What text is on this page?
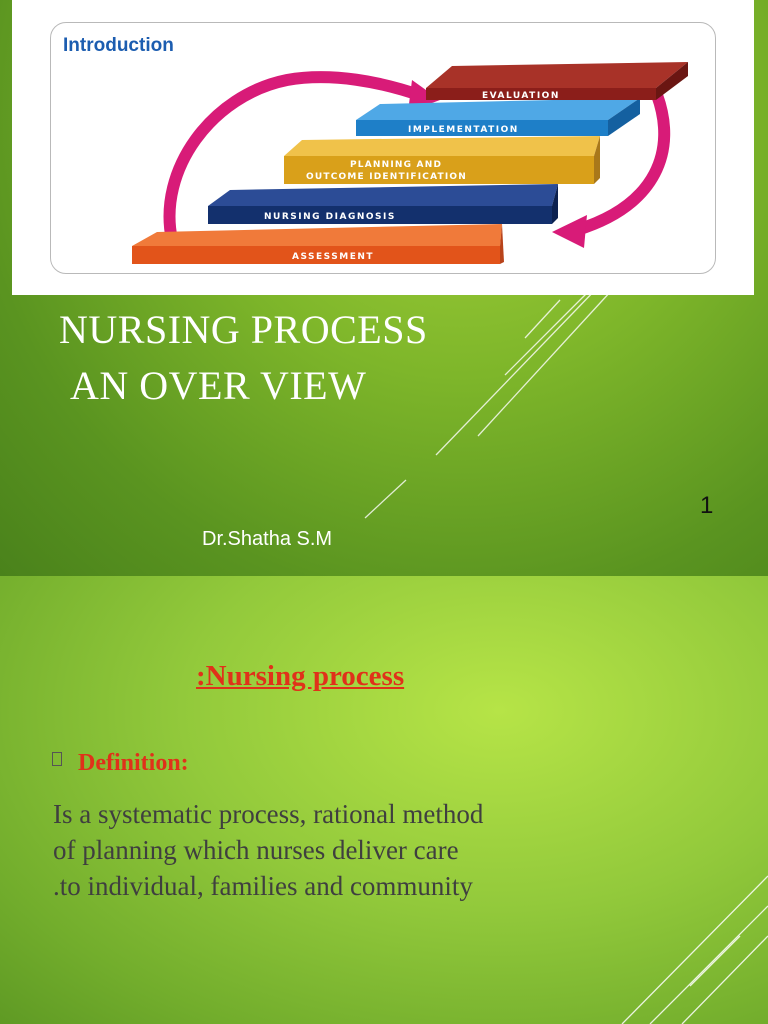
Introduction
ASSESSMENT
NURSING DIAGNOSIS
PLANNING AND
OUTCOME IDENTIFICATION
IMPLEMENTATION
EVALUATION
NURSING PROCESS
AN OVER VIEW
Dr.Shatha S.M
1
:Nursing process
Definition:

Is a systematic process, rational method
of planning which nurses deliver care
.to individual, families and community
